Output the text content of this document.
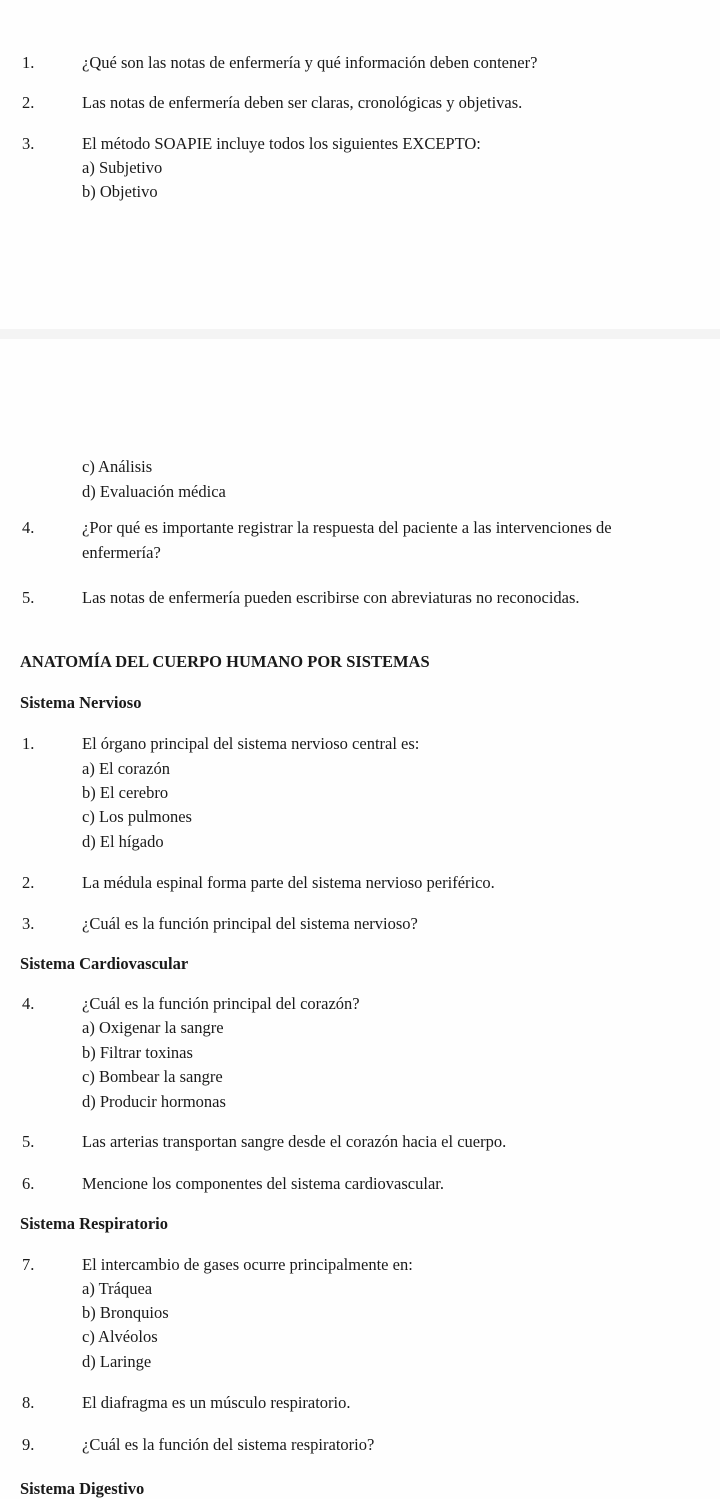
1.	¿Qué son las notas de enfermería y qué información deben contener?
2.	Las notas de enfermería deben ser claras, cronológicas y objetivas.
3.	El método SOAPIE incluye todos los siguientes EXCEPTO:
a) Subjetivo
b) Objetivo
c) Análisis
d) Evaluación médica
4.	¿Por qué es importante registrar la respuesta del paciente a las intervenciones de
enfermería?
5.	Las notas de enfermería pueden escribirse con abreviaturas no reconocidas.
ANATOMÍA DEL CUERPO HUMANO POR SISTEMAS
Sistema Nervioso
1.	El órgano principal del sistema nervioso central es:
a) El corazón
b) El cerebro
c) Los pulmones
d) El hígado
2.	La médula espinal forma parte del sistema nervioso periférico.
3.	¿Cuál es la función principal del sistema nervioso?
Sistema Cardiovascular
4.	¿Cuál es la función principal del corazón?
a) Oxigenar la sangre
b) Filtrar toxinas
c) Bombear la sangre
d) Producir hormonas
5.	Las arterias transportan sangre desde el corazón hacia el cuerpo.
6.	Mencione los componentes del sistema cardiovascular.
Sistema Respiratorio
7.	El intercambio de gases ocurre principalmente en:
a) Tráquea
b) Bronquios
c) Alvéolos
d) Laringe
8.	El diafragma es un músculo respiratorio.
9.	¿Cuál es la función del sistema respiratorio?
Sistema Digestivo
